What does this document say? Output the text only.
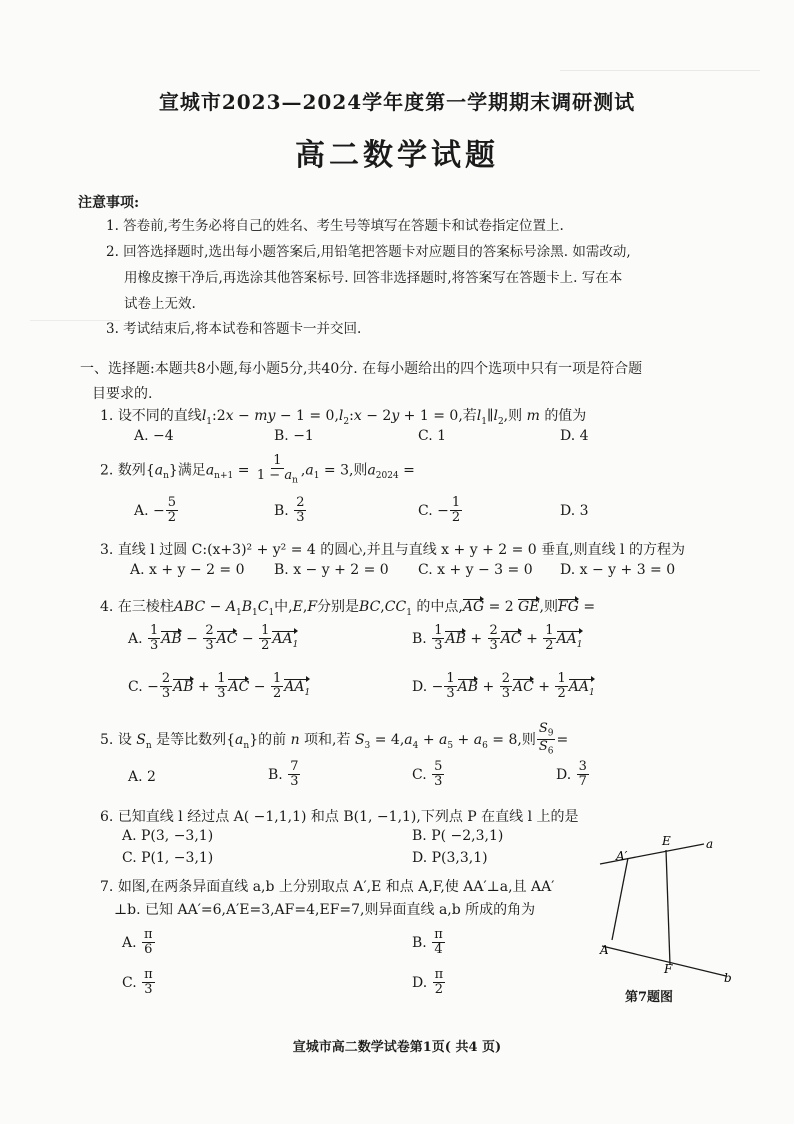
宣城市2023—2024学年度第一学期期末调研测试
高二数学试题
注意事项:
1. 答卷前,考生务必将自己的姓名、考生号等填写在答题卡和试卷指定位置上.
2. 回答选择题时,选出每小题答案后,用铅笔把答题卡对应题目的答案标号涂黑. 如需改动,
用橡皮擦干净后,再选涂其他答案标号. 回答非选择题时,将答案写在答题卡上. 写在本
试卷上无效.
3. 考试结束后,将本试卷和答题卡一并交回.
一、选择题:本题共8小题,每小题5分,共40分. 在每小题给出的四个选项中只有一项是符合题
目要求的.
1. 设不同的直线$l_1:2x$ − my − $1 = 0,l_2:x - 2y + 1 = 0$,若$l_1\parallel l_2$,则 m 的值为
A. −4	B. −1	C. 1	D. 4
2. 数列$\{a_n\}$满足$a_{n+1} = \frac{1}{1 - a_n} ,a_1 = 3$,则$a_{2024}$ =
A. − $\frac{5}{2}$	B. $\frac{2}{3}$	C. − $\frac{1}{2}$	D. 3
3. 直线 l 过圆 C:(x+3)² + y² = 4 的圆心,并且与直线 x + y + 2 = 0 垂直,则直线 l 的方程为
A. x + y − 2 = 0 B. x − y + 2 = 0 C. x + y − 3 = 0 D. x − y + 3 = 0
4. 在三棱柱ABC − $A_1B_1C_1$中,E,F分别是$BC,CC_1$ 的中点,AG = 2 GE,则FG =
A. $\frac{1}{3}$ AB − $\frac{2}{3}$ AC − $\frac{1}{2} AA_1$	B. $\frac{1}{3}$ AB + $\frac{2}{3}$ AC + $\frac{1}{2} AA_1$
C. − $\frac{2}{3}$ AB + $\frac{1}{3}$ AC − $\frac{1}{2} AA_1$	D. − $\frac{1}{3}$ AB + $\frac{2}{3}$ AC + $\frac{1}{2} AA_1$
5. 设 $S_n$ 是等比数列$\{a_n\}$的前 n 项和,若 $S_3 = 4,a_4 + a_5 + a_6 = 8$,则 $\frac{S_9}{S_6}$ =
A. 2	B. $\frac{7}{3}$	C. $\frac{5}{3}$	D. $\frac{3}{7}$
6. 已知直线 l 经过点 A( −1,1,1) 和点 B(1, −1,1),下列点 P 在直线 l 上的是
A. P(3, −3,1)	B. P( −2,3,1)
C. P(1, −3,1)	D. P(3,3,1)
7. 如图,在两条异面直线 a,b 上分别取点 A′,E 和点 A,F,使 AA′⊥a,且 AA′
⊥b. 已知 AA′=6,A′E=3,AF=4,EF=7,则异面直线 a,b 所成的角为
A. $\frac{\pi}{6}$	B. $\frac{\pi}{4}$
C. $\frac{\pi}{3}$	D. $\frac{\pi}{2}$
A′
E	a
A
F
b
第7题图
宣城市高二数学试卷第1页( 共4 页)
